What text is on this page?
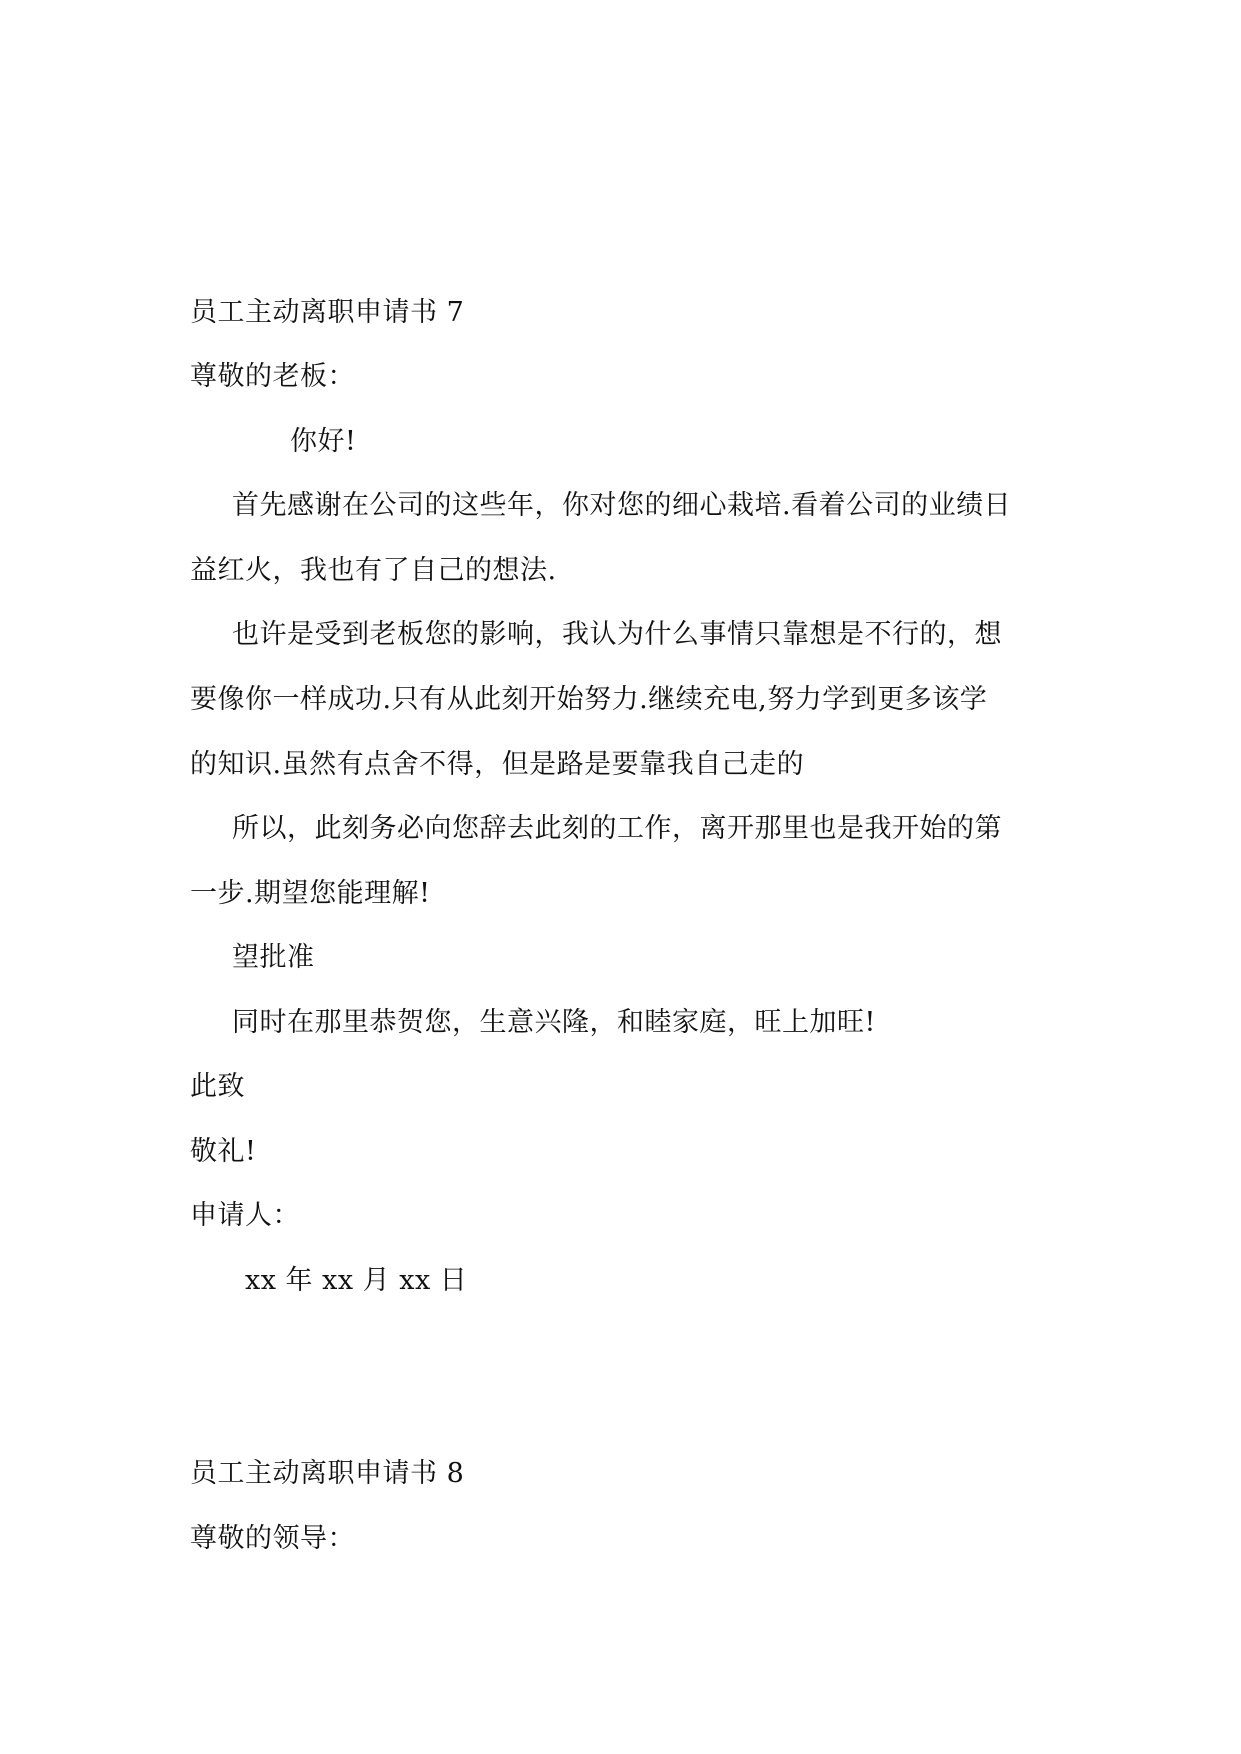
员工主动离职申请书 7
尊敬的老板：
你好!
首先感谢在公司的这些年，你对您的细心栽培.看着公司的业绩日
益红火，我也有了自己的想法.
也许是受到老板您的影响，我认为什么事情只靠想是不行的，想
要像你一样成功.只有从此刻开始努力.继续充电,努力学到更多该学
的知识.虽然有点舍不得，但是路是要靠我自己走的
所以，此刻务必向您辞去此刻的工作，离开那里也是我开始的第
一步.期望您能理解!
望批准
同时在那里恭贺您，生意兴隆，和睦家庭，旺上加旺!
此致
敬礼!
申请人：
xx 年 xx 月 xx 日
员工主动离职申请书 8
尊敬的领导：
